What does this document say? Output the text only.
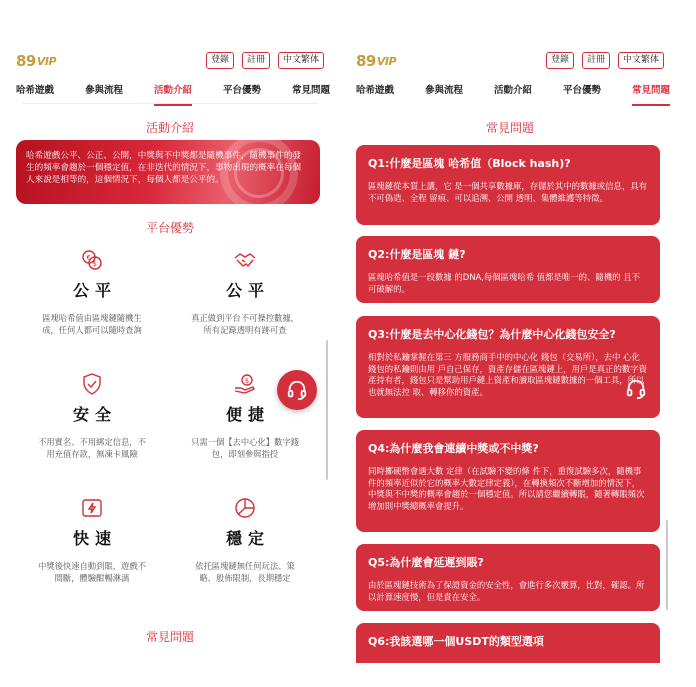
89 VIP	登錄	註冊	中文繁体
哈希遊戲	參與流程	活動介紹	平台優勢	常見問題
活動介紹
哈希遊戲公平、公正、公開，中獎與不中獎都是隨機事件，隨機事件的發生的頻率會趨於一個穩定值，在非迭代的情況下，事物出現的概率在每個人來說是相等的，這個情況下，每個人都是公平的。
平台優勢
€
$
公平
區塊哈希值由區塊鏈隨機生成，任何人都可以隨時查詢
公平
真正做到平台不可操控數據，所有記錄透明有跡可查
安全
不用實名、不用綁定信息，不用充值存款，無凍卡風險
$
便捷
只需一個【去中心化】數字錢包，即刻參與指投
快速
中獎後快速自動到賬，遊戲不間斷，體驗酣暢淋漓
穩定
依托區塊鏈無任何玩法、策略、般佈限制，長期穩定
常見問題
89 VIP	登錄	註冊	中文繁体
哈希遊戲	參與流程	活動介紹	平台優勢	常見問題
常見問題
Q1:什麼是區塊 哈希值（Block hash)?
區塊鏈從本質上講，它 是一個共享數據庫，存儲於其中的數據或信息，具有不可偽造、全程 留痕、可以追溯、公開 透明、集體維護等特徵。
Q2:什麼是區塊 鏈?
區塊哈希值是一段數據 的DNA,每個區塊哈希 值都是唯一的、隨機的 且不可破解的。
Q3:什麼是去中心化錢包？為什麼中心化錢包安全?
相對於私鑰掌握在第三 方服務商手中的中心化 錢包（交易所），去中 心化錢包的私鑰則由用 戶自己保存，資產存儲在區塊鏈上，用戶是真正的數字資產持有者，錢包只是幫助用戶鏈上資產和讀取區塊鏈數據的一個工具，所以也就無法控 取、轉移你的資產。
Q4:為什麼我會連續中獎或不中獎?
同時擲硬幣會遇大數 定律（在試驗不變的條 件下，重復試驗多次，隨機事件的頻率近似於它的概率大數定律定義），在轉換頻次不斷增加的情況下，中獎與不中獎的概率會趨於一個穩定值。所以請您繼續轉賬，隨著轉賬頻次增加則中獎總概率會提升。
Q5:為什麼會延遲到賬?
由於區塊鏈技術為了保證資金的安全性，會進行多次覈算，比對，確認。所以計算速度慢，但是責在安全。
Q6:我該選哪一個USDT的類型選項
